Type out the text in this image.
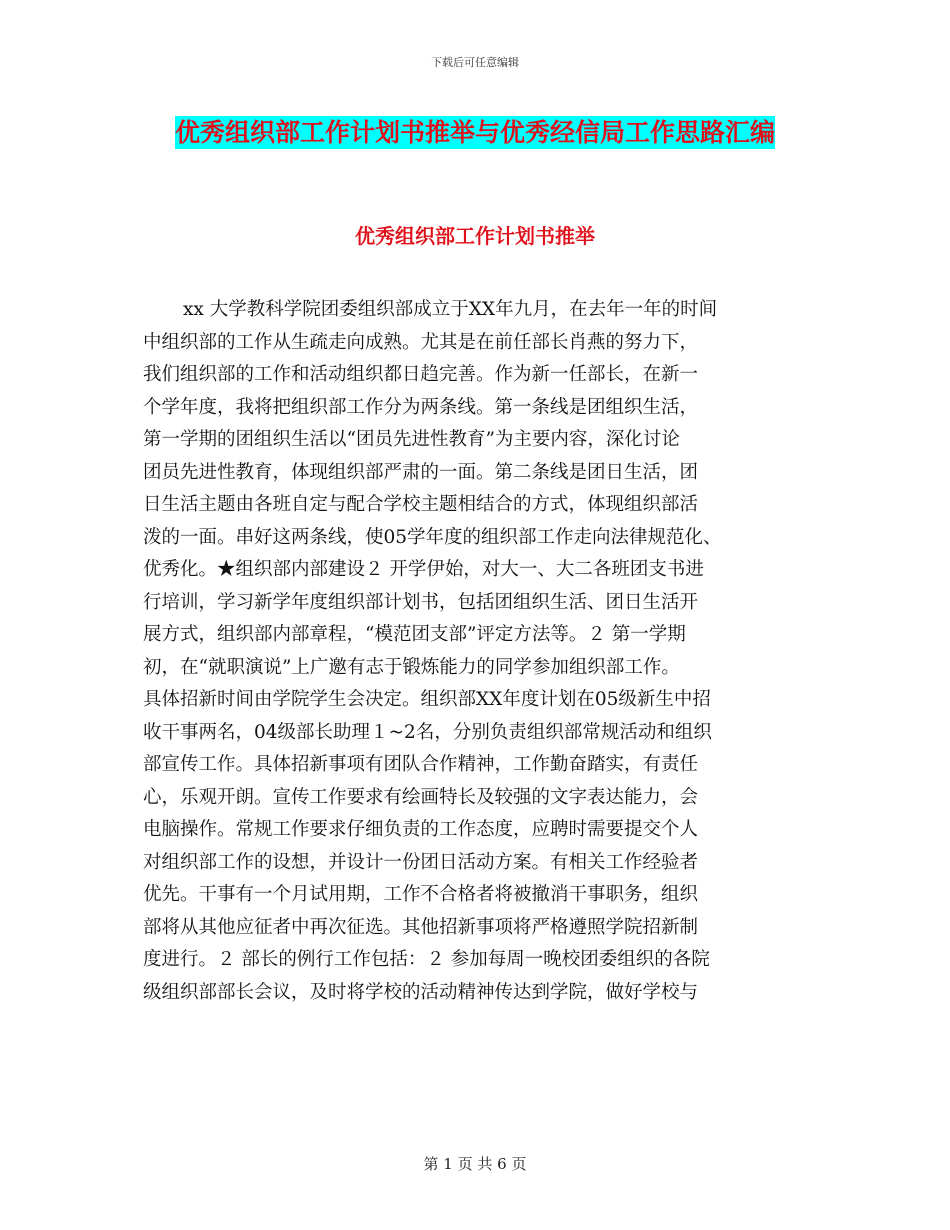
下载后可任意编辑
优秀组织部工作计划书推举与优秀经信局工作思路汇编
优秀组织部工作计划书推举
xx 大学教科学院团委组织部成立于XX年九月，在去年一年的时间
中组织部的工作从生疏走向成熟。尤其是在前任部长肖燕的努力下，
我们组织部的工作和活动组织都日趋完善。作为新一任部长，在新一
个学年度，我将把组织部工作分为两条线。第一条线是团组织生活，
第一学期的团组织生活以“团员先进性教育”为主要内容，深化讨论
团员先进性教育，体现组织部严肃的一面。第二条线是团日生活，团
日生活主题由各班自定与配合学校主题相结合的方式，体现组织部活
泼的一面。串好这两条线，使05学年度的组织部工作走向法律规范化、
优秀化。★组织部内部建设２ 开学伊始，对大一、大二各班团支书进
行培训，学习新学年度组织部计划书，包括团组织生活、团日生活开
展方式，组织部内部章程，“模范团支部”评定方法等。２ 第一学期
初，在“就职演说”上广邀有志于锻炼能力的同学参加组织部工作。
具体招新时间由学院学生会决定。组织部XX年度计划在05级新生中招
收干事两名，04级部长助理１~2名，分别负责组织部常规活动和组织
部宣传工作。具体招新事项有团队合作精神，工作勤奋踏实，有责任
心，乐观开朗。宣传工作要求有绘画特长及较强的文字表达能力，会
电脑操作。常规工作要求仔细负责的工作态度，应聘时需要提交个人
对组织部工作的设想，并设计一份团日活动方案。有相关工作经验者
优先。干事有一个月试用期，工作不合格者将被撤消干事职务，组织
部将从其他应征者中再次征选。其他招新事项将严格遵照学院招新制
度进行。２ 部长的例行工作包括：２ 参加每周一晚校团委组织的各院
级组织部部长会议，及时将学校的活动精神传达到学院，做好学校与
第 1 页 共 6 页
